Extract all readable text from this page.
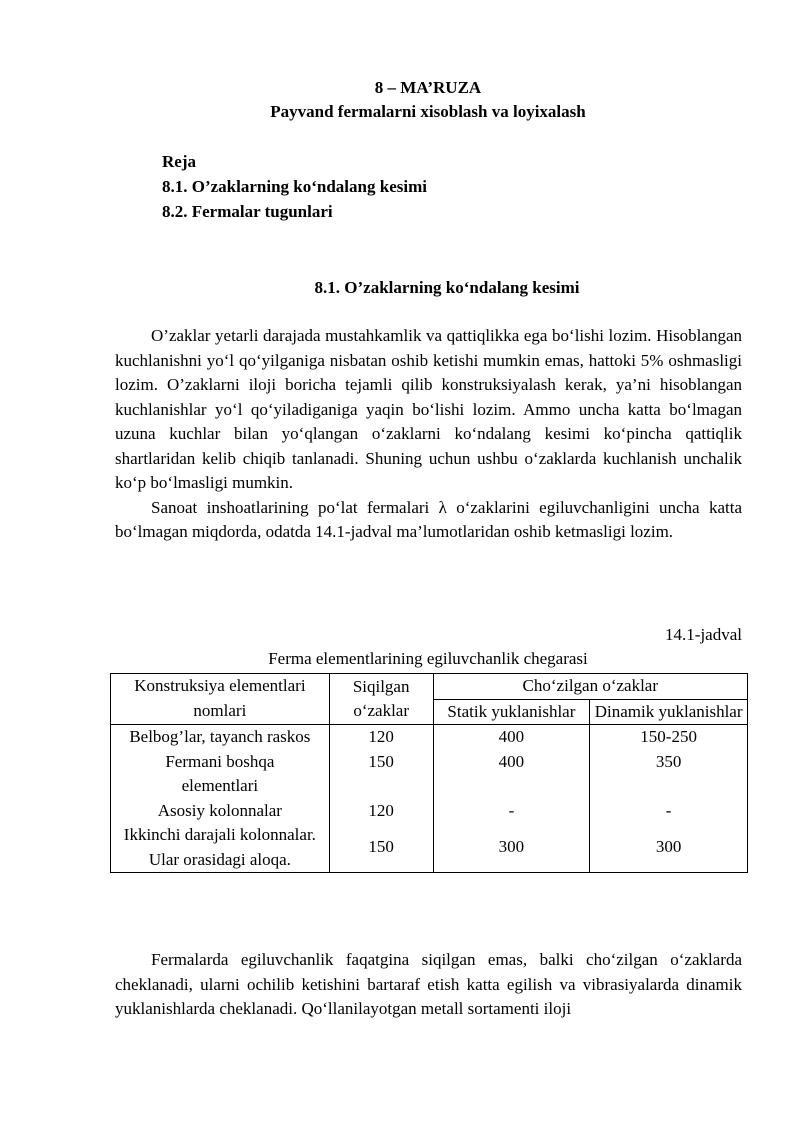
8 – MA’RUZA
Payvand fermalarni xisoblash va loyixalash
Reja
8.1. O’zaklarning ko‘ndalang kesimi
8.2. Fermalar tugunlari
8.1. O’zaklarning ko‘ndalang kesimi

O’zaklar yetarli darajada mustahkamlik va qattiqlikka ega bo‘lishi lozim. Hisoblangan kuchlanishni yo‘l qo‘yilganiga nisbatan oshib ketishi mumkin emas, hattoki 5% oshmasligi lozim. O’zaklarni iloji boricha tejamli qilib konstruksiyalash kerak, ya’ni hisoblangan kuchlanishlar yo‘l qo‘yiladiganiga yaqin bo‘lishi lozim. Ammo uncha katta bo‘lmagan uzuna kuchlar bilan yo‘qlangan o‘zaklarni ko‘ndalang kesimi ko‘pincha qattiqlik shartlaridan kelib chiqib tanlanadi. Shuning uchun ushbu o‘zaklarda kuchlanish unchalik ko‘p bo‘lmasligi mumkin.

Sanoat inshoatlarining po‘lat fermalari λ o‘zaklarini egiluvchanligini uncha katta bo‘lmagan miqdorda, odatda 14.1-jadval ma’lumotlaridan oshib ketmasligi lozim.

14.1-jadval
Ferma elementlarining egiluvchanlik chegarasi
Konstruksiya elementlari nomlari	Siqilgan o‘zaklar	Cho‘zilgan o‘zaklar	
		Statik yuklanishlar	Dinamik yuklanishlar
Belbog’lar, tayanch raskos	120	400	150-250
Fermani boshqa elementlari	150	400	350
Asosiy kolonnalar	120	-	-
Ikkinchi darajali kolonnalar. Ular orasidagi aloqa.	150	300	300

Fermalarda egiluvchanlik faqatgina siqilgan emas, balki cho‘zilgan o‘zaklarda cheklanadi, ularni ochilib ketishini bartaraf etish katta egilish va vibrasiyalarda dinamik yuklanishlarda cheklanadi. Qo‘llanilayotgan metall sortamenti iloji
